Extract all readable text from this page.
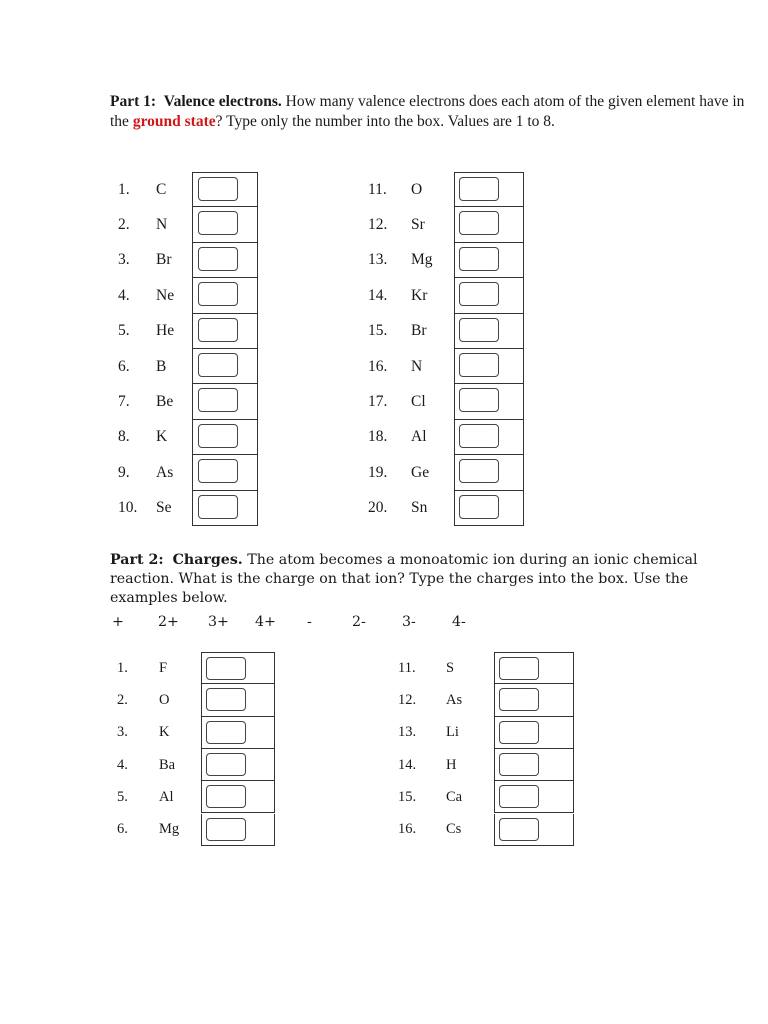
Part 1: Valence electrons. How many valence electrons does each atom of the given element have in the ground state? Type only the number into the box. Values are 1 to 8.
1. C
2. N
3. Br
4. Ne
5. He
6. B
7. Be
8. K
9. As
10. Se
11. O
12. Sr
13. Mg
14. Kr
15. Br
16. N
17. Cl
18. Al
19. Ge
20. Sn
Part 2: Charges. The atom becomes a monoatomic ion during an ionic chemical reaction. What is the charge on that ion? Type the charges into the box. Use the examples below.
+ 2+ 3+ 4+ -	2-	3-	4-
1. F
2. O
3. K
4. Ba
5. Al
6. Mg
11. S
12. As
13. Li
14. H
15. Ca
16. Cs
